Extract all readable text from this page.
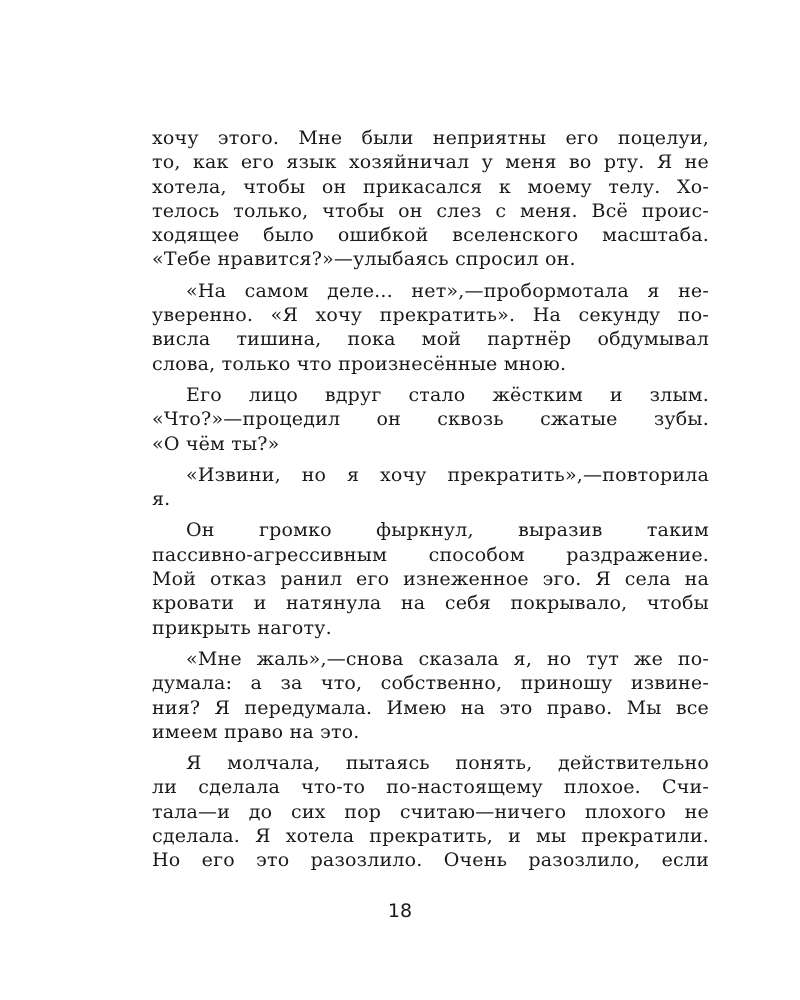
хочу этого. Мне были неприятны его поцелуи,
то, как его язык хозяйничал у меня во рту. Я не
хотела, чтобы он прикасался к моему телу. Хо-
телось только, чтобы он слез с меня. Всё проис-
ходящее было ошибкой вселенского масштаба.
«Тебе нравится?»—улыбаясь спросил он.
«На самом деле... нет»,—пробормотала я не-
уверенно. «Я хочу прекратить». На секунду по-
висла тишина, пока мой партнёр обдумывал
слова, только что произнесённые мною.
Его лицо вдруг стало жёстким и злым.
«Что?»—процедил он сквозь сжатые зубы.
«О чём ты?»
«Извини, но я хочу прекратить»,—повторила
я.
Он громко фыркнул, выразив таким
пассивно-агрессивным способом раздражение.
Мой отказ ранил его изнеженное эго. Я села на
кровати и натянула на себя покрывало, чтобы
прикрыть наготу.
«Мне жаль»,—снова сказала я, но тут же по-
думала: а за что, собственно, приношу извине-
ния? Я передумала. Имею на это право. Мы все
имеем право на это.
Я молчала, пытаясь понять, действительно
ли сделала что-то по-настоящему плохое. Счи-
тала—и до сих пор считаю—ничего плохого не
сделала. Я хотела прекратить, и мы прекратили.
Но его это разозлило. Очень разозлило, если
18
